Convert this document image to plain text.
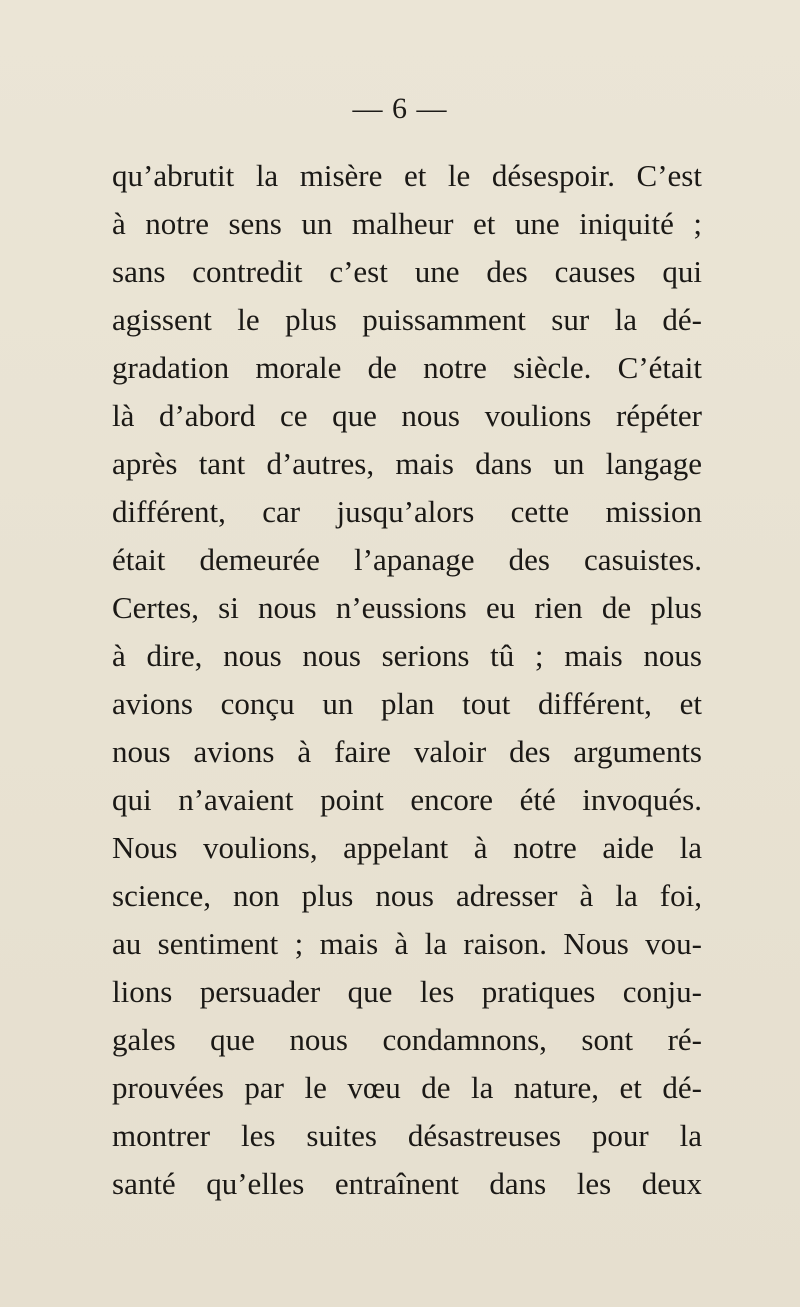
— 6 —
qu’abrutit la misère et le désespoir. C’est
à notre sens un malheur et une iniquité ;
sans contredit c’est une des causes qui
agissent le plus puissamment sur la dé-
gradation morale de notre siècle. C’était
là d’abord ce que nous voulions répéter
après tant d’autres, mais dans un langage
différent, car jusqu’alors cette mission
était demeurée l’apanage des casuistes.
Certes, si nous n’eussions eu rien de plus
à dire, nous nous serions tû ; mais nous
avions conçu un plan tout différent, et
nous avions à faire valoir des arguments
qui n’avaient point encore été invoqués.
Nous voulions, appelant à notre aide la
science, non plus nous adresser à la foi,
au sentiment ; mais à la raison. Nous vou-
lions persuader que les pratiques conju-
gales que nous condamnons, sont ré-
prouvées par le vœu de la nature, et dé-
montrer les suites désastreuses pour la
santé qu’elles entraînent dans les deux
